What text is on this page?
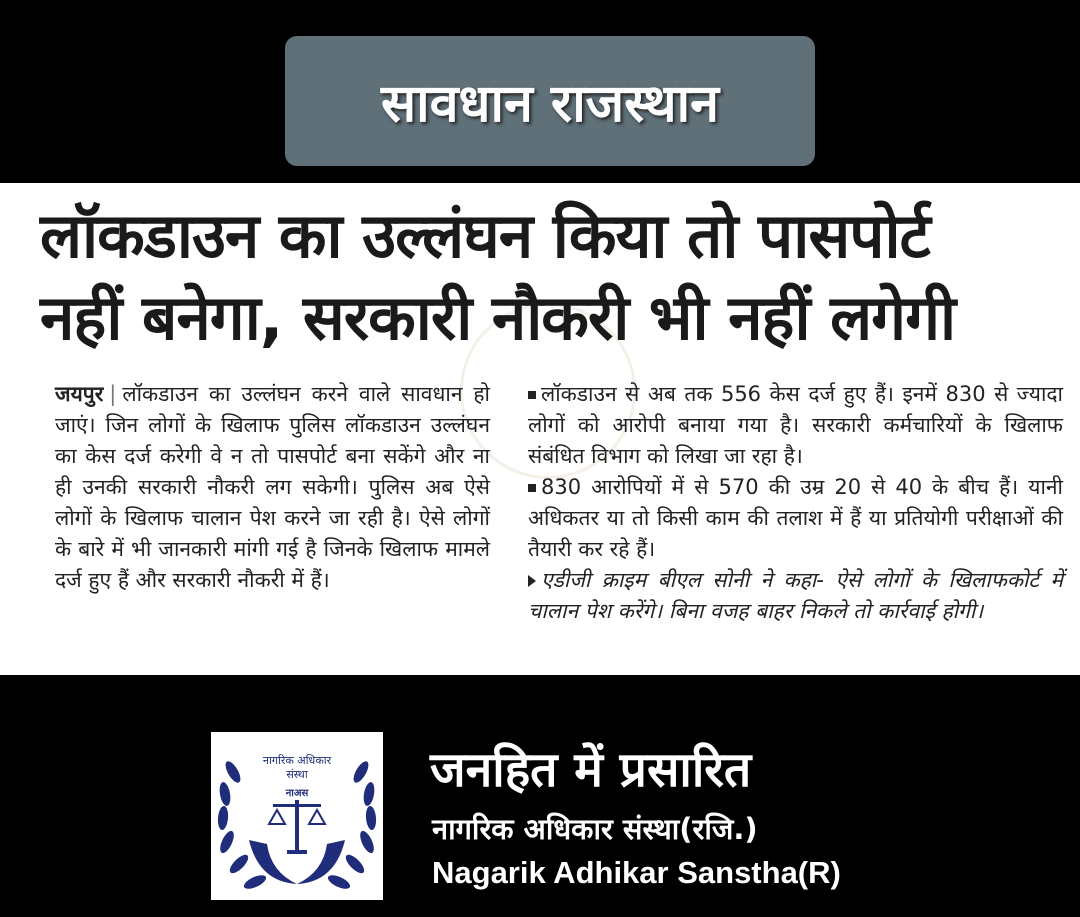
सावधान राजस्थान
लॉकडाउन का उल्लंघन किया तो पासपोर्ट
नहीं बनेगा, सरकारी नौकरी भी नहीं लगेगी
जयपुर | लॉकडाउन का उल्लंघन करने वाले सावधान हो जाएं। जिन लोगों के खिलाफ पुलिस लॉकडाउन उल्लंघन का केस दर्ज करेगी वे न तो पासपोर्ट बना सकेंगे और ना ही उनकी सरकारी नौकरी लग सकेगी। पुलिस अब ऐसे लोगों के खिलाफ चालान पेश करने जा रही है। ऐसे लोगों के बारे में भी जानकारी मांगी गई है जिनके खिलाफ मामले दर्ज हुए हैं और सरकारी नौकरी में हैं।
लॉकडाउन से अब तक 556 केस दर्ज हुए हैं। इनमें 830 से ज्यादा लोगों को आरोपी बनाया गया है। सरकारी कर्मचारियों के खिलाफ संबंधित विभाग को लिखा जा रहा है।
830 आरोपियों में से 570 की उम्र 20 से 40 के बीच हैं। यानी अधिकतर या तो किसी काम की तलाश में हैं या प्रतियोगी परीक्षाओं की तैयारी कर रहे हैं।
एडीजी क्राइम बीएल सोनी ने कहा- ऐसे लोगों के खिलाफकोर्ट में चालान पेश करेंगे। बिना वजह बाहर निकले तो कार्रवाई होगी।
नागरिक अधिकार
संस्था
नाअस	जनहित में प्रसारित
नागरिक अधिकार संस्था(रजि.)
Nagarik Adhikar Sanstha(R)
